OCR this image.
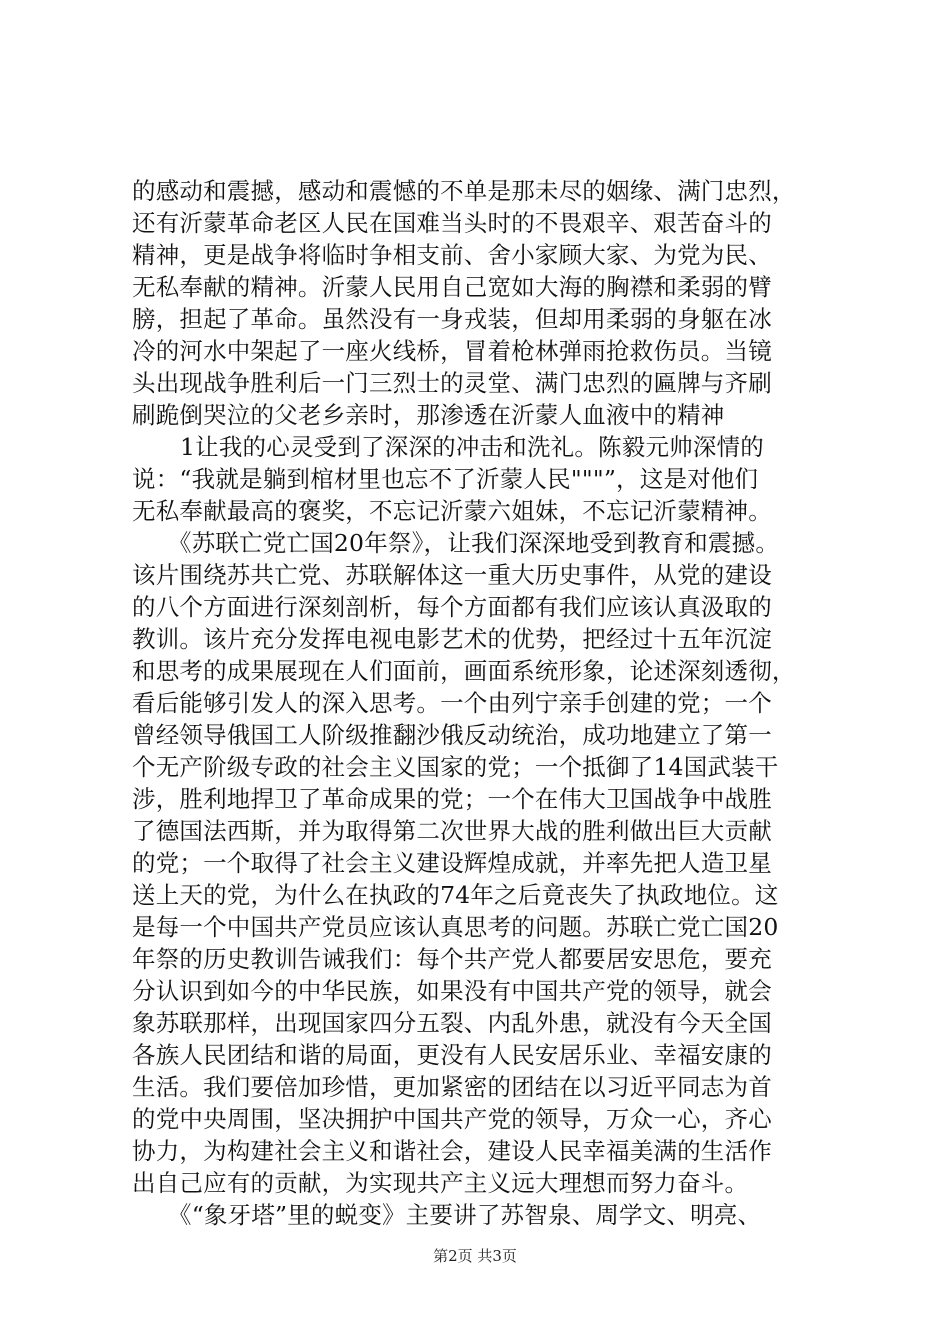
的感动和震撼，感动和震憾的不单是那未尽的姻缘、满门忠烈，
还有沂蒙革命老区人民在国难当头时的不畏艰辛、艰苦奋斗的
精神，更是战争将临时争相支前、舍小家顾大家、为党为民、
无私奉献的精神。沂蒙人民用自己宽如大海的胸襟和柔弱的臂
膀，担起了革命。虽然没有一身戎装，但却用柔弱的身躯在冰
冷的河水中架起了一座火线桥，冒着枪林弹雨抢救伤员。当镜
头出现战争胜利后一门三烈士的灵堂、满门忠烈的匾牌与齐刷
刷跪倒哭泣的父老乡亲时，那渗透在沂蒙人血液中的精神
1让我的心灵受到了深深的冲击和洗礼。陈毅元帅深情的
说：“我就是躺到棺材里也忘不了沂蒙人民"""”，这是对他们
无私奉献最高的褒奖，不忘记沂蒙六姐妹，不忘记沂蒙精神。
《苏联亡党亡国20年祭》，让我们深深地受到教育和震撼。
该片围绕苏共亡党、苏联解体这一重大历史事件，从党的建设
的八个方面进行深刻剖析，每个方面都有我们应该认真汲取的
教训。该片充分发挥电视电影艺术的优势，把经过十五年沉淀
和思考的成果展现在人们面前，画面系统形象，论述深刻透彻，
看后能够引发人的深入思考。一个由列宁亲手创建的党；一个
曾经领导俄国工人阶级推翻沙俄反动统治，成功地建立了第一
个无产阶级专政的社会主义国家的党；一个抵御了14国武装干
涉，胜利地捍卫了革命成果的党；一个在伟大卫国战争中战胜
了德国法西斯，并为取得第二次世界大战的胜利做出巨大贡献
的党；一个取得了社会主义建设辉煌成就，并率先把人造卫星
送上天的党，为什么在执政的74年之后竟丧失了执政地位。这
是每一个中国共产党员应该认真思考的问题。苏联亡党亡国20
年祭的历史教训告诫我们：每个共产党人都要居安思危，要充
分认识到如今的中华民族，如果没有中国共产党的领导，就会
象苏联那样，出现国家四分五裂、内乱外患，就没有今天全国
各族人民团结和谐的局面，更没有人民安居乐业、幸福安康的
生活。我们要倍加珍惜，更加紧密的团结在以习近平同志为首
的党中央周围，坚决拥护中国共产党的领导，万众一心，齐心
协力，为构建社会主义和谐社会，建设人民幸福美满的生活作
出自己应有的贡献，为实现共产主义远大理想而努力奋斗。
《“象牙塔”里的蜕变》主要讲了苏智泉、周学文、明亮、
第2页 共3页
